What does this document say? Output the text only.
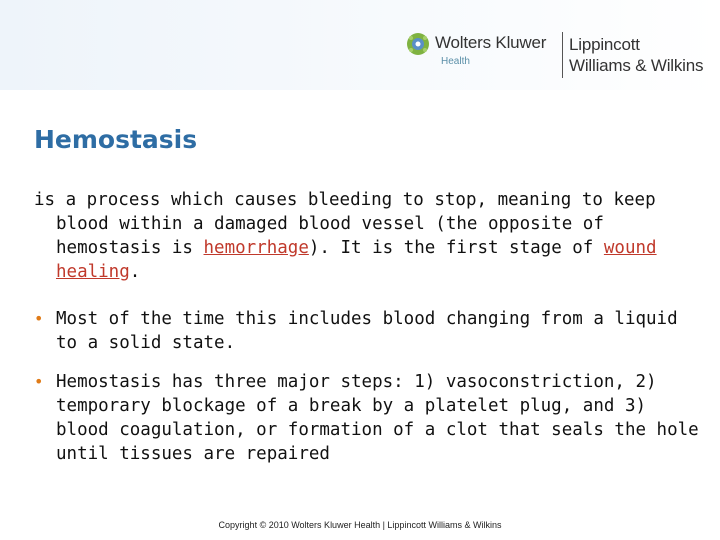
Wolters Kluwer
Health
Lippincott
Williams & Wilkins
Hemostasis

is a process which causes bleeding to stop, meaning to keep blood within a damaged blood vessel (the opposite of hemostasis is hemorrhage). It is the first stage of wound healing.

• Most of the time this includes blood changing from a liquid to a solid state.

• Hemostasis has three major steps: 1) vasoconstriction, 2) temporary blockage of a break by a platelet plug, and 3) blood coagulation, or formation of a clot that seals the hole until tissues are repaired

Copyright © 2010 Wolters Kluwer Health | Lippincott Williams & Wilkins
